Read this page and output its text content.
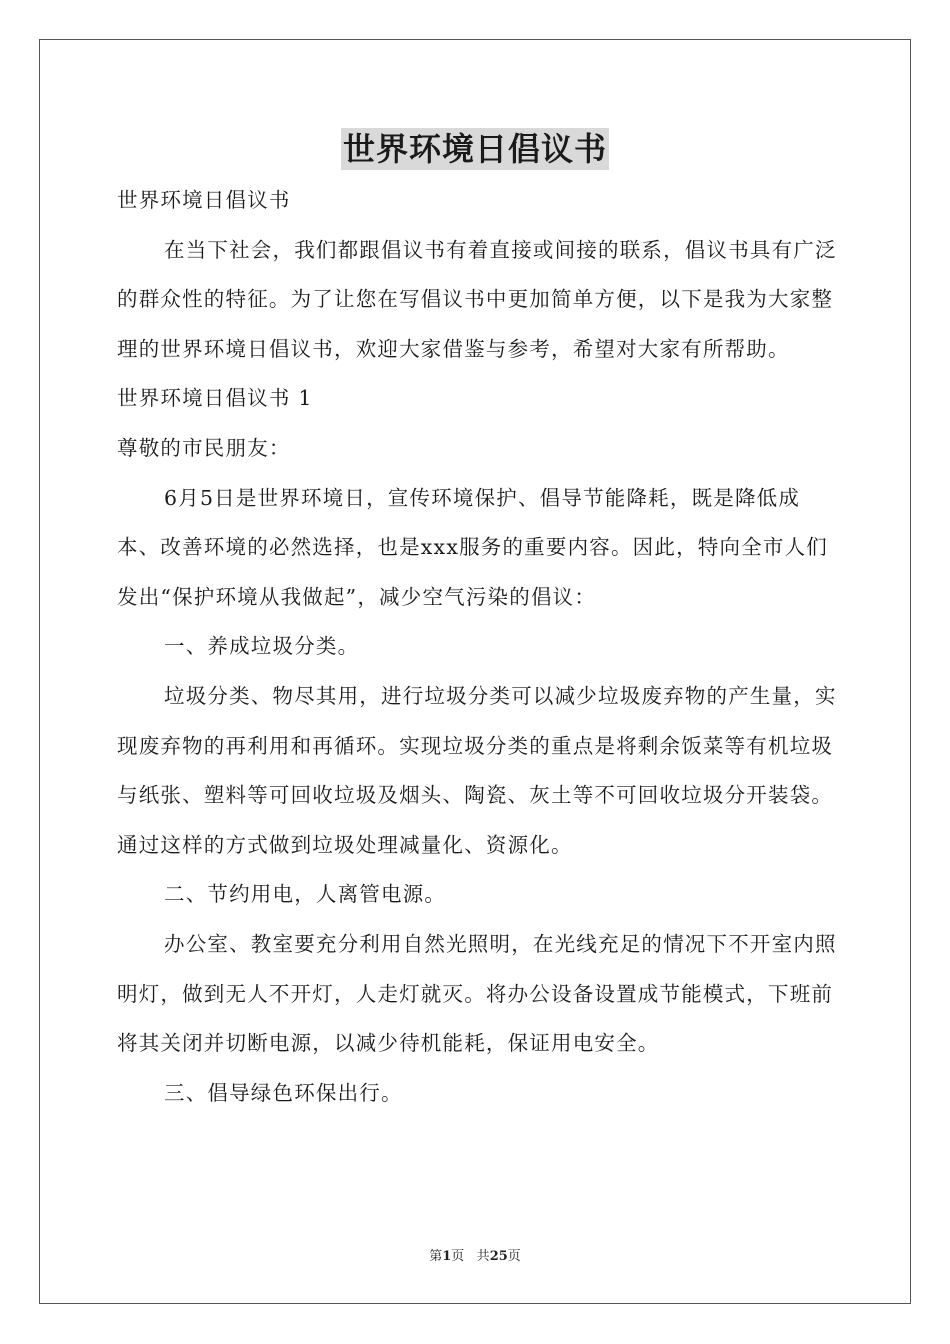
世界环境日倡议书

世界环境日倡议书

在当下社会，我们都跟倡议书有着直接或间接的联系，倡议书具有广泛的群众性的特征。为了让您在写倡议书中更加简单方便，以下是我为大家整理的世界环境日倡议书，欢迎大家借鉴与参考，希望对大家有所帮助。

世界环境日倡议书 1

尊敬的市民朋友：

6月5日是世界环境日，宣传环境保护、倡导节能降耗，既是降低成本、改善环境的必然选择，也是xxx服务的重要内容。因此，特向全市人们发出“保护环境从我做起”，减少空气污染的倡议：

一、养成垃圾分类。

垃圾分类、物尽其用，进行垃圾分类可以减少垃圾废弃物的产生量，实现废弃物的再利用和再循环。实现垃圾分类的重点是将剩余饭菜等有机垃圾与纸张、塑料等可回收垃圾及烟头、陶瓷、灰土等不可回收垃圾分开装袋。通过这样的方式做到垃圾处理减量化、资源化。

二、节约用电，人离管电源。

办公室、教室要充分利用自然光照明，在光线充足的情况下不开室内照明灯，做到无人不开灯，人走灯就灭。将办公设备设置成节能模式，下班前将其关闭并切断电源，以减少待机能耗，保证用电安全。

三、倡导绿色环保出行。

第1页 共25页
